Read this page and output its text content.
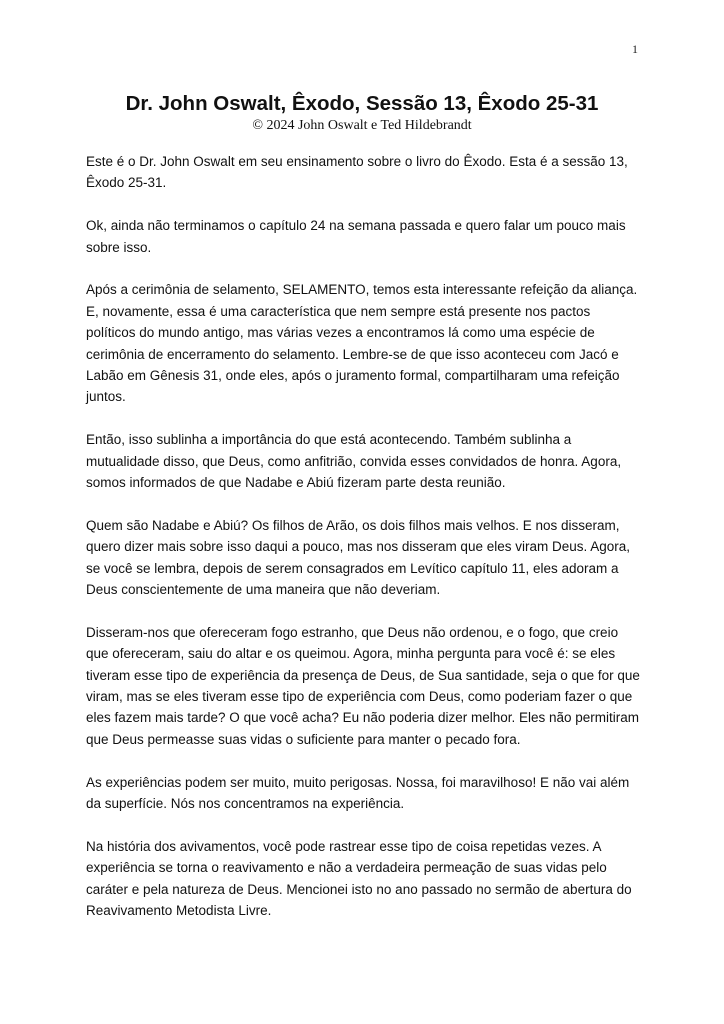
1
Dr. John Oswalt, Êxodo, Sessão 13, Êxodo 25-31
© 2024 John Oswalt e Ted Hildebrandt

Este é o Dr. John Oswalt em seu ensinamento sobre o livro do Êxodo. Esta é a sessão 13, Êxodo 25-31.

Ok, ainda não terminamos o capítulo 24 na semana passada e quero falar um pouco mais sobre isso.

Após a cerimônia de selamento, SELAMENTO, temos esta interessante refeição da aliança. E, novamente, essa é uma característica que nem sempre está presente nos pactos políticos do mundo antigo, mas várias vezes a encontramos lá como uma espécie de cerimônia de encerramento do selamento. Lembre-se de que isso aconteceu com Jacó e Labão em Gênesis 31, onde eles, após o juramento formal, compartilharam uma refeição juntos.

Então, isso sublinha a importância do que está acontecendo. Também sublinha a mutualidade disso, que Deus, como anfitrião, convida esses convidados de honra. Agora, somos informados de que Nadabe e Abiú fizeram parte desta reunião.

Quem são Nadabe e Abiú? Os filhos de Arão, os dois filhos mais velhos. E nos disseram, quero dizer mais sobre isso daqui a pouco, mas nos disseram que eles viram Deus. Agora, se você se lembra, depois de serem consagrados em Levítico capítulo 11, eles adoram a Deus conscientemente de uma maneira que não deveriam.

Disseram-nos que ofereceram fogo estranho, que Deus não ordenou, e o fogo, que creio que ofereceram, saiu do altar e os queimou. Agora, minha pergunta para você é: se eles tiveram esse tipo de experiência da presença de Deus, de Sua santidade, seja o que for que viram, mas se eles tiveram esse tipo de experiência com Deus, como poderiam fazer o que eles fazem mais tarde? O que você acha? Eu não poderia dizer melhor. Eles não permitiram que Deus permeasse suas vidas o suficiente para manter o pecado fora.

As experiências podem ser muito, muito perigosas. Nossa, foi maravilhoso! E não vai além da superfície. Nós nos concentramos na experiência.

Na história dos avivamentos, você pode rastrear esse tipo de coisa repetidas vezes. A experiência se torna o reavivamento e não a verdadeira permeação de suas vidas pelo caráter e pela natureza de Deus. Mencionei isto no ano passado no sermão de abertura do Reavivamento Metodista Livre.
